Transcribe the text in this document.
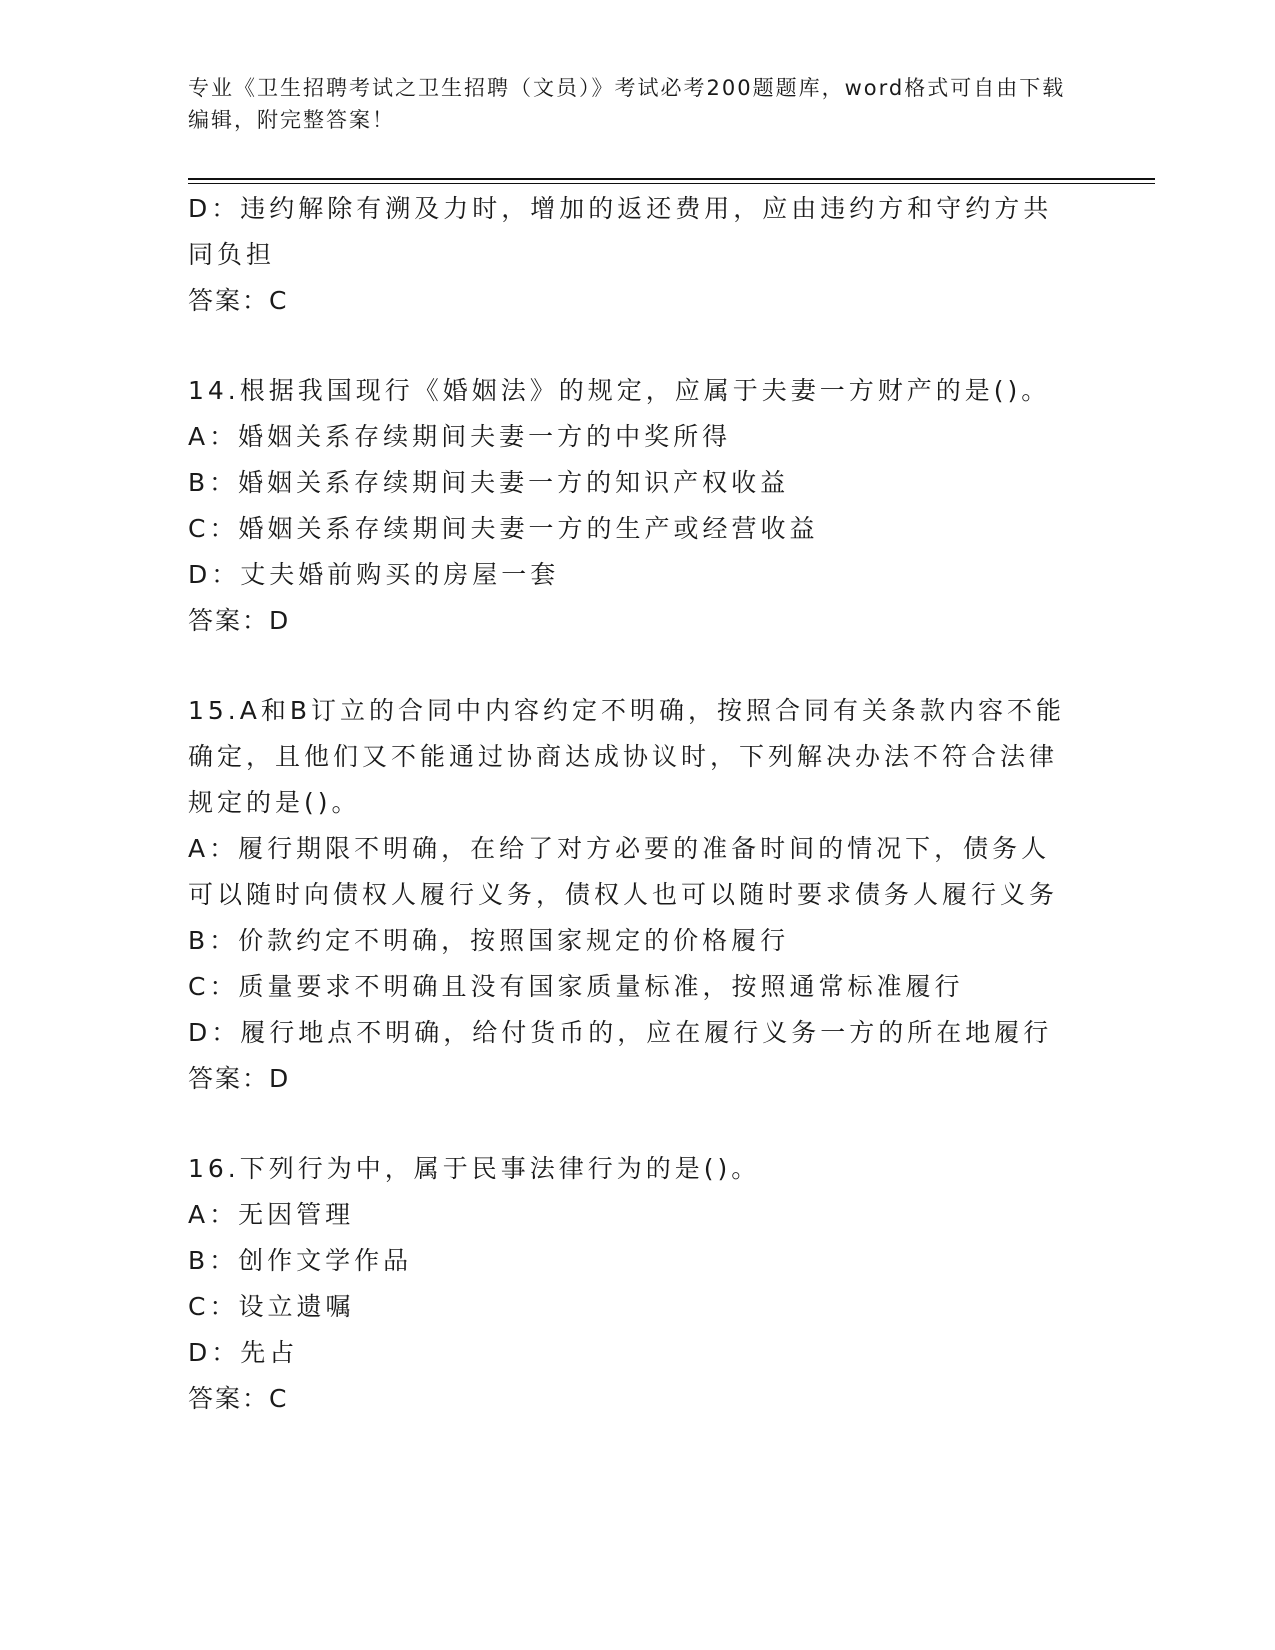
专业《卫生招聘考试之卫生招聘（文员）》考试必考200题题库，word格式可自由下载编辑，附完整答案！

D：违约解除有溯及力时，增加的返还费用，应由违约方和守约方共同负担

答案：C

14.根据我国现行《婚姻法》的规定，应属于夫妻一方财产的是()。

A：婚姻关系存续期间夫妻一方的中奖所得

B：婚姻关系存续期间夫妻一方的知识产权收益

C：婚姻关系存续期间夫妻一方的生产或经营收益

D：丈夫婚前购买的房屋一套

答案：D

15.A和B订立的合同中内容约定不明确，按照合同有关条款内容不能确定，且他们又不能通过协商达成协议时，下列解决办法不符合法律规定的是()。

A：履行期限不明确，在给了对方必要的准备时间的情况下，债务人可以随时向债权人履行义务，债权人也可以随时要求债务人履行义务

B：价款约定不明确，按照国家规定的价格履行

C：质量要求不明确且没有国家质量标准，按照通常标准履行

D：履行地点不明确，给付货币的，应在履行义务一方的所在地履行

答案：D

16.下列行为中，属于民事法律行为的是()。

A：无因管理

B：创作文学作品

C：设立遗嘱

D：先占

答案：C
